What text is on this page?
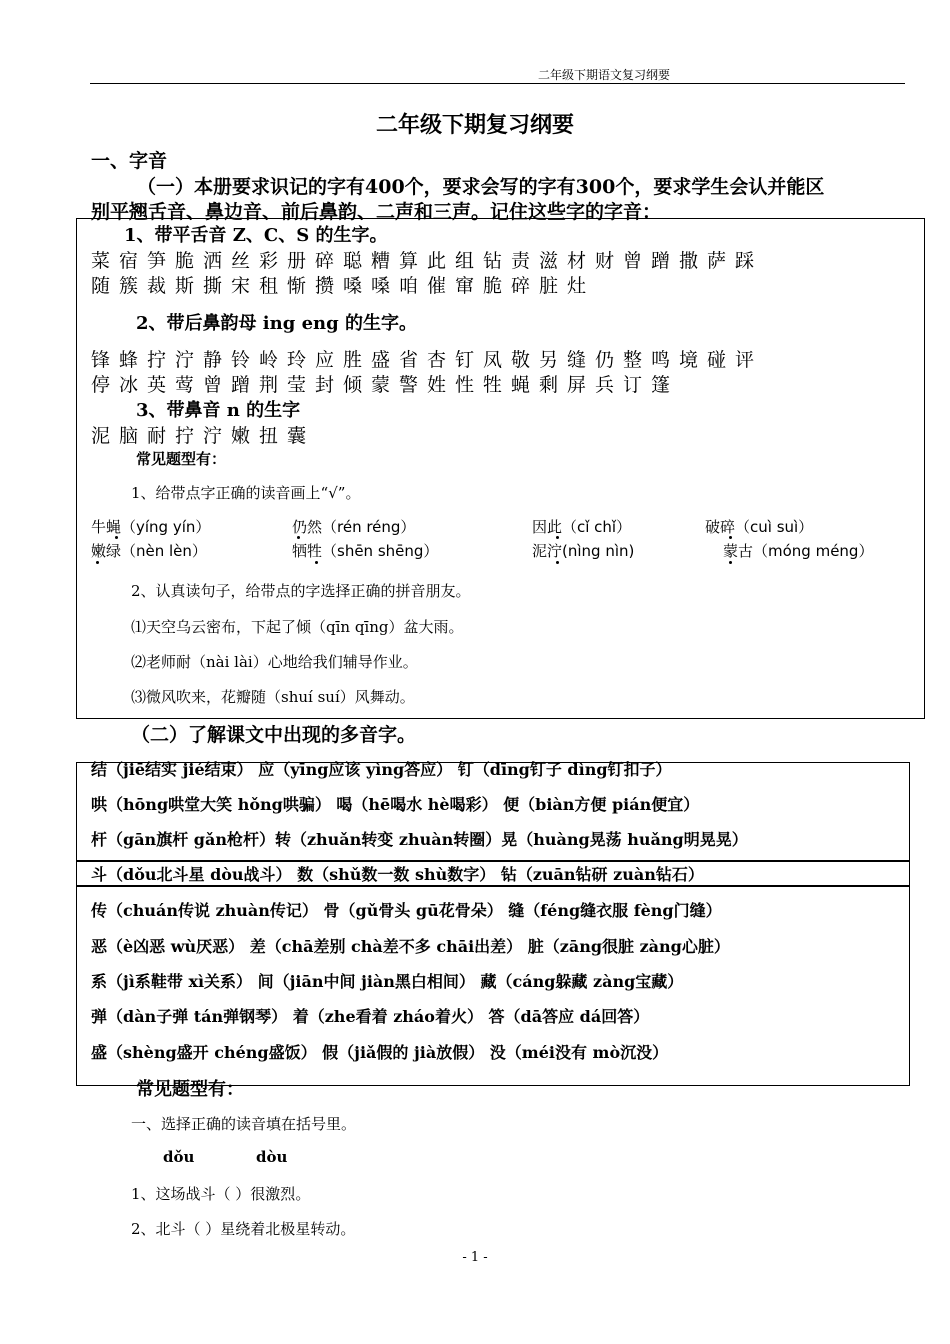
二年级下期语文复习纲要
二年级下期复习纲要
一、字音
（一）本册要求识记的字有400个，要求会写的字有300个，要求学生会认并能区
别平翘舌音、鼻边音、前后鼻韵、二声和三声。记住这些字的字音：
1、带平舌音 Z、C、S 的生字。
菜宿笋脆洒丝彩册碎聪糟算此组钻责滋材财曾蹭撒萨踩
随簇裁斯撕宋租惭攒嗓嗓咱催窜脆碎脏灶
2、带后鼻韵母 ing eng 的生字。
锋蜂拧泞静铃岭玲应胜盛省杏钉凤敬另缝仍整鸣境碰评
停冰英莺曾蹭荆莹封倾蒙警姓性牲蝇剩屏兵订篷
3、带鼻音 n 的生字
泥脑耐拧泞嫩扭囊
常见题型有：
1、给带点字正确的读音画上“√”。
牛蝇（yíng yín）	仍然（rén réng）	因此（cǐ chǐ）	破碎（cuì suì）
嫩绿（nèn lèn）	牺牲（shēn shēng）	泥泞(nìng nìn)	蒙古（móng méng）
2、认真读句子，给带点的字选择正确的拼音朋友。
⑴天空乌云密布，下起了倾（qīn qīng）盆大雨。
⑵老师耐（nài lài）心地给我们辅导作业。
⑶微风吹来，花瓣随（shuí suí）风舞动。
（二）了解课文中出现的多音字。
结（jiē结实 jié结束） 应（yīng应该 yìng答应） 钉（dīng钉子 dìng钉扣子）
哄（hōng哄堂大笑 hǒng哄骗） 喝（hē喝水 hè喝彩） 便（biàn方便 pián便宜）
杆（gān旗杆 gǎn枪杆）转（zhuǎn转变 zhuàn转圈）晃（huàng晃荡 huǎng明晃晃）
斗（dǒu北斗星 dòu战斗） 数（shǔ数一数 shù数字） 钻（zuān钻研 zuàn钻石）
传（chuán传说 zhuàn传记） 骨（gǔ骨头 gū花骨朵） 缝（féng缝衣服 fèng门缝）
恶（è凶恶 wù厌恶） 差（chā差别 chà差不多 chāi出差） 脏（zāng很脏 zàng心脏）
系（jì系鞋带 xì关系） 间（jiān中间 jiàn黑白相间） 藏（cáng躲藏 zàng宝藏）
弹（dàn子弹 tán弹钢琴） 着（zhe看着 zháo着火） 答（dā答应 dá回答）
盛（shèng盛开 chéng盛饭） 假（jiǎ假的 jià放假） 没（méi没有 mò沉没）
常见题型有：
一、选择正确的读音填在括号里。
dǒu	dòu
1、这场战斗（ ）很激烈。
2、北斗（ ）星绕着北极星转动。
- 1 -
